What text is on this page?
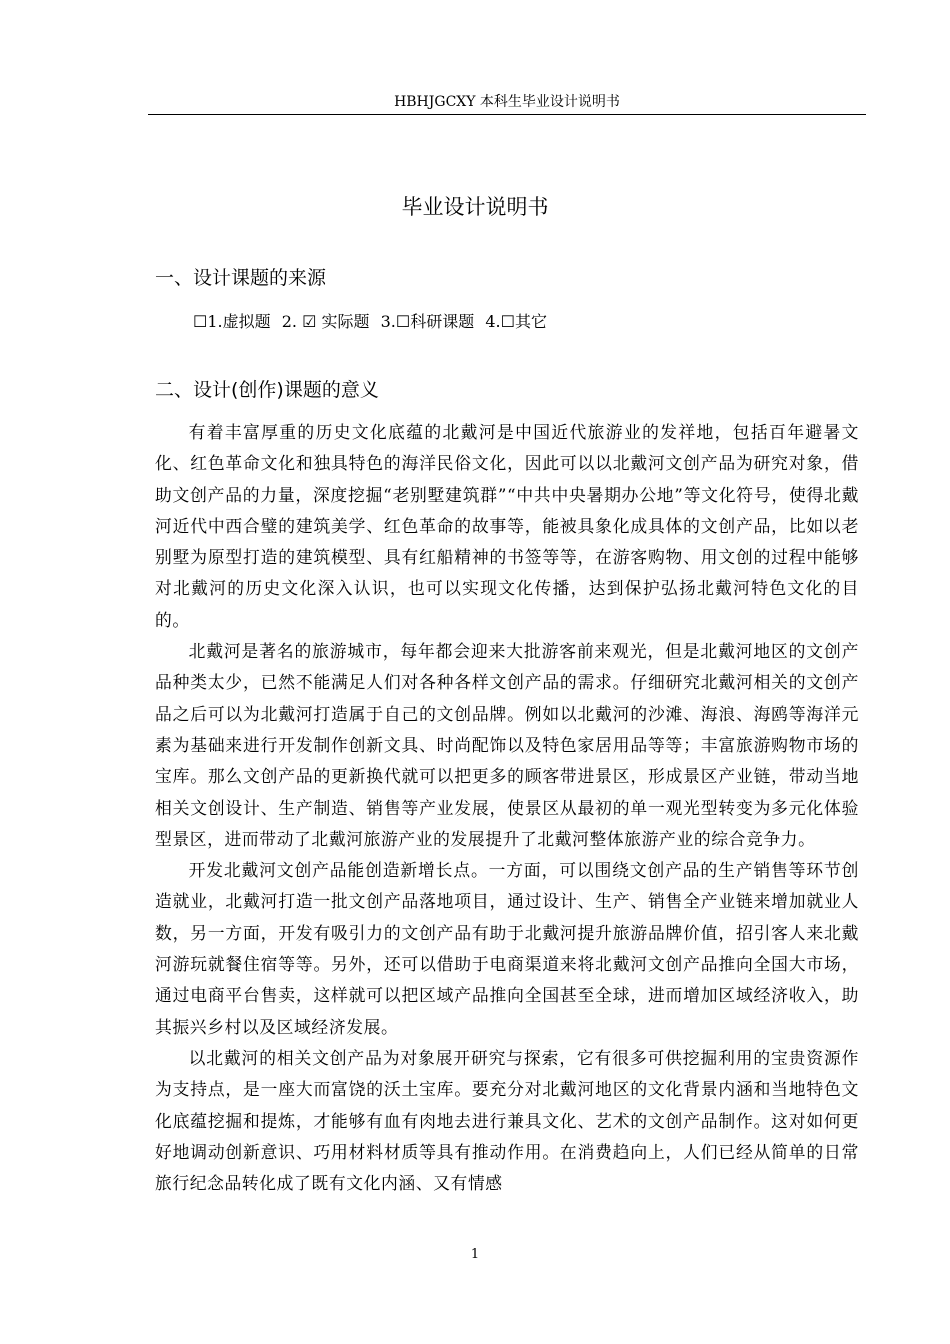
HBHJGCXY 本科生毕业设计说明书
毕业设计说明书
一、设计课题的来源
☐1.虚拟题 2. ☑ 实际题 3.☐科研课题 4.☐其它
二、设计(创作)课题的意义

有着丰富厚重的历史文化底蕴的北戴河是中国近代旅游业的发祥地，包括百年避暑文化、红色革命文化和独具特色的海洋民俗文化，因此可以以北戴河文创产品为研究对象，借助文创产品的力量，深度挖掘“老别墅建筑群”“中共中央暑期办公地”等文化符号，使得北戴河近代中西合璧的建筑美学、红色革命的故事等，能被具象化成具体的文创产品，比如以老别墅为原型打造的建筑模型、具有红船精神的书签等等，在游客购物、用文创的过程中能够对北戴河的历史文化深入认识，也可以实现文化传播，达到保护弘扬北戴河特色文化的目的。

北戴河是著名的旅游城市，每年都会迎来大批游客前来观光，但是北戴河地区的文创产品种类太少，已然不能满足人们对各种各样文创产品的需求。仔细研究北戴河相关的文创产品之后可以为北戴河打造属于自己的文创品牌。例如以北戴河的沙滩、海浪、海鸥等海洋元素为基础来进行开发制作创新文具、时尚配饰以及特色家居用品等等；丰富旅游购物市场的宝库。那么文创产品的更新换代就可以把更多的顾客带进景区，形成景区产业链，带动当地相关文创设计、生产制造、销售等产业发展，使景区从最初的单一观光型转变为多元化体验型景区，进而带动了北戴河旅游产业的发展提升了北戴河整体旅游产业的综合竞争力。

开发北戴河文创产品能创造新增长点。一方面，可以围绕文创产品的生产销售等环节创造就业，北戴河打造一批文创产品落地项目，通过设计、生产、销售全产业链来增加就业人数，另一方面，开发有吸引力的文创产品有助于北戴河提升旅游品牌价值，招引客人来北戴河游玩就餐住宿等等。另外，还可以借助于电商渠道来将北戴河文创产品推向全国大市场，通过电商平台售卖，这样就可以把区域产品推向全国甚至全球，进而增加区域经济收入，助其振兴乡村以及区域经济发展。

以北戴河的相关文创产品为对象展开研究与探索，它有很多可供挖掘利用的宝贵资源作为支持点，是一座大而富饶的沃土宝库。要充分对北戴河地区的文化背景内涵和当地特色文化底蕴挖掘和提炼，才能够有血有肉地去进行兼具文化、艺术的文创产品制作。这对如何更好地调动创新意识、巧用材料材质等具有推动作用。在消费趋向上，人们已经从简单的日常旅行纪念品转化成了既有文化内涵、又有情感

1
